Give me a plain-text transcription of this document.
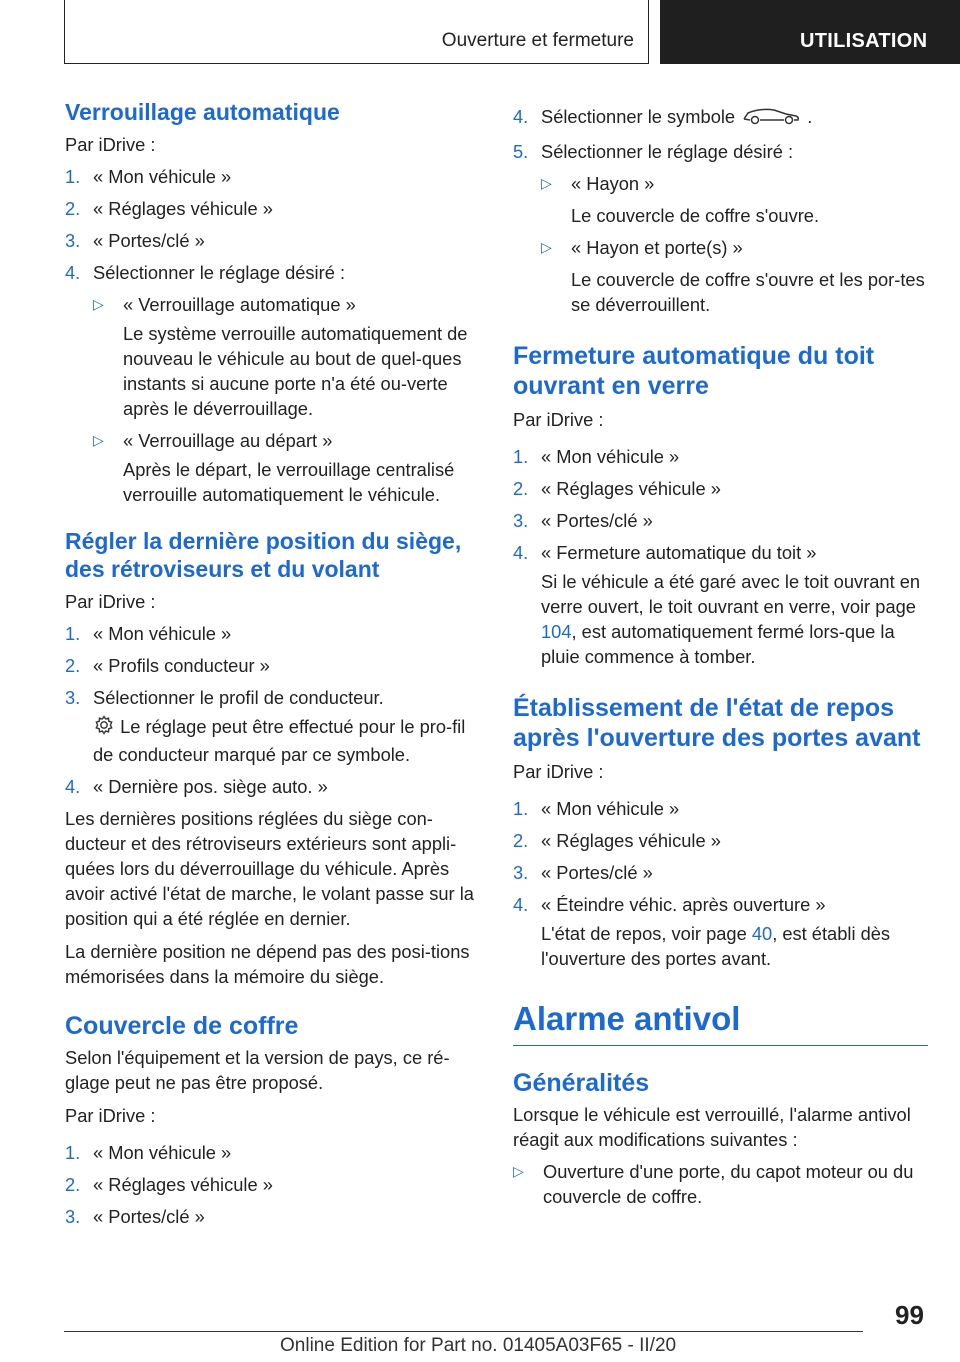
Ouverture et fermeture	UTILISATION
Verrouillage automatique

Par iDrive :

1. « Mon véhicule »
2. « Réglages véhicule »
3. « Portes/clé »
4. Sélectionner le réglage désiré :
▷	« Verrouillage automatique »
Le système verrouille automatiquement de nouveau le véhicule au bout de quel-ques instants si aucune porte n'a été ou-verte après le déverrouillage.
▷	« Verrouillage au départ »
Après le départ, le verrouillage centralisé verrouille automatiquement le véhicule.
Régler la dernière position du siège, des rétroviseurs et du volant

Par iDrive :

1. « Mon véhicule »
2. « Profils conducteur »
3. Sélectionner le profil de conducteur.
Le réglage peut être effectué pour le pro-fil de conducteur marqué par ce symbole.
4. « Dernière pos. siège auto. »

Les dernières positions réglées du siège con-ducteur et des rétroviseurs extérieurs sont appli-quées lors du déverrouillage du véhicule. Après avoir activé l'état de marche, le volant passe sur la position qui a été réglée en dernier.

La dernière position ne dépend pas des posi-tions mémorisées dans la mémoire du siège.

Couvercle de coffre

Selon l'équipement et la version de pays, ce ré-glage peut ne pas être proposé.

Par iDrive :

1. « Mon véhicule »
2. « Réglages véhicule »
3. « Portes/clé »
4. Sélectionner le symbole	.
5. Sélectionner le réglage désiré :
▷	« Hayon »
Le couvercle de coffre s'ouvre.
▷	« Hayon et porte(s) »
Le couvercle de coffre s'ouvre et les por-tes se déverrouillent.
Fermeture automatique du toit ouvrant en verre

Par iDrive :

1. « Mon véhicule »
2. « Réglages véhicule »
3. « Portes/clé »
4. « Fermeture automatique du toit »
Si le véhicule a été garé avec le toit ouvrant en verre ouvert, le toit ouvrant en verre, voir page 104, est automatiquement fermé lors-que la pluie commence à tomber.
Établissement de l'état de repos après l'ouverture des portes avant

Par iDrive :

1. « Mon véhicule »
2. « Réglages véhicule »
3. « Portes/clé »
4. « Éteindre véhic. après ouverture »
L'état de repos, voir page 40, est établi dès l'ouverture des portes avant.
Alarme antivol
Généralités

Lorsque le véhicule est verrouillé, l'alarme antivol réagit aux modifications suivantes :

▷	Ouverture d'une porte, du capot moteur ou du couvercle de coffre.
99
Online Edition for Part no. 01405A03F65 - II/20
